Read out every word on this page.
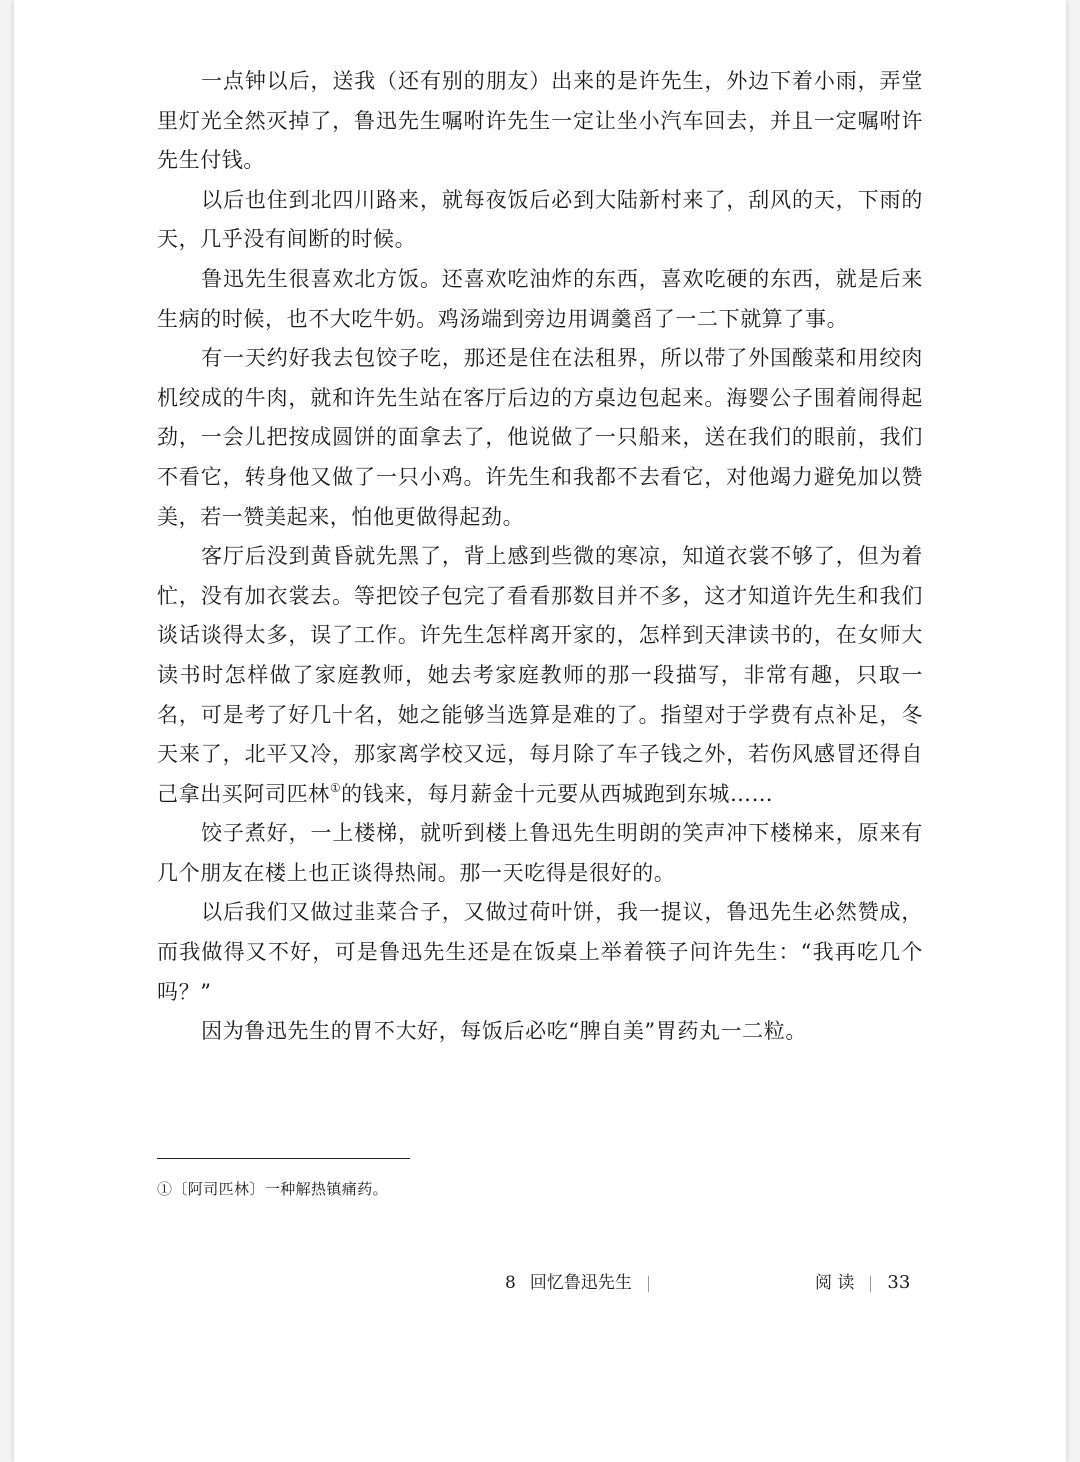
一点钟以后，送我（还有别的朋友）出来的是许先生，外边下着小雨，弄堂里灯光全然灭掉了，鲁迅先生嘱咐许先生一定让坐小汽车回去，并且一定嘱咐许先生付钱。

以后也住到北四川路来，就每夜饭后必到大陆新村来了，刮风的天，下雨的天，几乎没有间断的时候。

鲁迅先生很喜欢北方饭。还喜欢吃油炸的东西，喜欢吃硬的东西，就是后来生病的时候，也不大吃牛奶。鸡汤端到旁边用调羹舀了一二下就算了事。

有一天约好我去包饺子吃，那还是住在法租界，所以带了外国酸菜和用绞肉机绞成的牛肉，就和许先生站在客厅后边的方桌边包起来。海婴公子围着闹得起劲，一会儿把按成圆饼的面拿去了，他说做了一只船来，送在我们的眼前，我们不看它，转身他又做了一只小鸡。许先生和我都不去看它，对他竭力避免加以赞美，若一赞美起来，怕他更做得起劲。

客厅后没到黄昏就先黑了，背上感到些微的寒凉，知道衣裳不够了，但为着忙，没有加衣裳去。等把饺子包完了看看那数目并不多，这才知道许先生和我们谈话谈得太多，误了工作。许先生怎样离开家的，怎样到天津读书的，在女师大读书时怎样做了家庭教师，她去考家庭教师的那一段描写，非常有趣，只取一名，可是考了好几十名，她之能够当选算是难的了。指望对于学费有点补足，冬天来了，北平又冷，那家离学校又远，每月除了车子钱之外，若伤风感冒还得自己拿出买阿司匹林①的钱来，每月薪金十元要从西城跑到东城……

饺子煮好，一上楼梯，就听到楼上鲁迅先生明朗的笑声冲下楼梯来，原来有几个朋友在楼上也正谈得热闹。那一天吃得是很好的。

以后我们又做过韭菜合子，又做过荷叶饼，我一提议，鲁迅先生必然赞成，而我做得又不好，可是鲁迅先生还是在饭桌上举着筷子问许先生：“我再吃几个吗？”

因为鲁迅先生的胃不大好，每饭后必吃“脾自美”胃药丸一二粒。

①〔阿司匹林〕一种解热镇痛药。
8 回忆鲁迅先生	阅 读 33
